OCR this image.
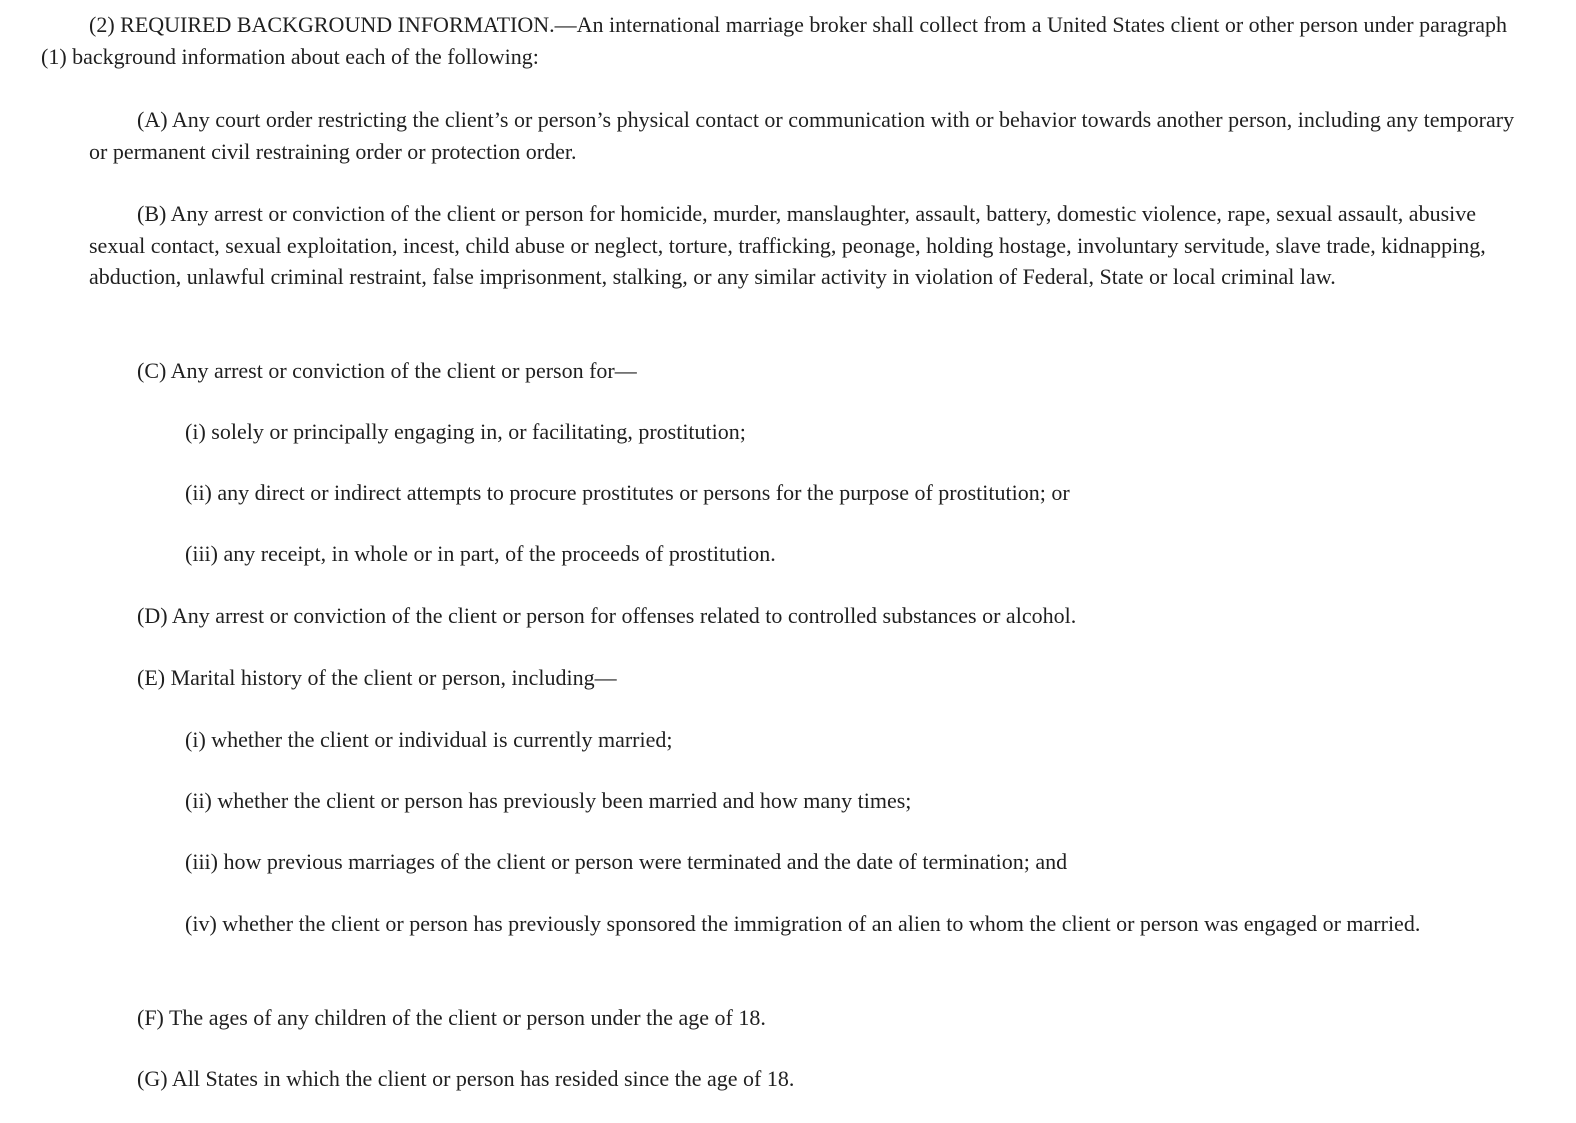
(2) REQUIRED BACKGROUND INFORMATION.—An international marriage broker shall collect from a United States client or other person under paragraph (1) background information about each of the following:

(A) Any court order restricting the client’s or person’s physical contact or communication with or behavior towards another person, including any temporary or permanent civil restraining order or protection order.

(B) Any arrest or conviction of the client or person for homicide, murder, manslaughter, assault, battery, domestic violence, rape, sexual assault, abusive sexual contact, sexual exploitation, incest, child abuse or neglect, torture, trafficking, peonage, holding hostage, involuntary servitude, slave trade, kidnapping, abduction, unlawful criminal restraint, false imprisonment, stalking, or any similar activity in violation of Federal, State or local criminal law.

(C) Any arrest or conviction of the client or person for—

(i) solely or principally engaging in, or facilitating, prostitution;

(ii) any direct or indirect attempts to procure prostitutes or persons for the purpose of prostitution; or

(iii) any receipt, in whole or in part, of the proceeds of prostitution.

(D) Any arrest or conviction of the client or person for offenses related to controlled substances or alcohol.

(E) Marital history of the client or person, including—

(i) whether the client or individual is currently married;

(ii) whether the client or person has previously been married and how many times;

(iii) how previous marriages of the client or person were terminated and the date of termination; and

(iv) whether the client or person has previously sponsored the immigration of an alien to whom the client or person was engaged or married.

(F) The ages of any children of the client or person under the age of 18.

(G) All States in which the client or person has resided since the age of 18.
